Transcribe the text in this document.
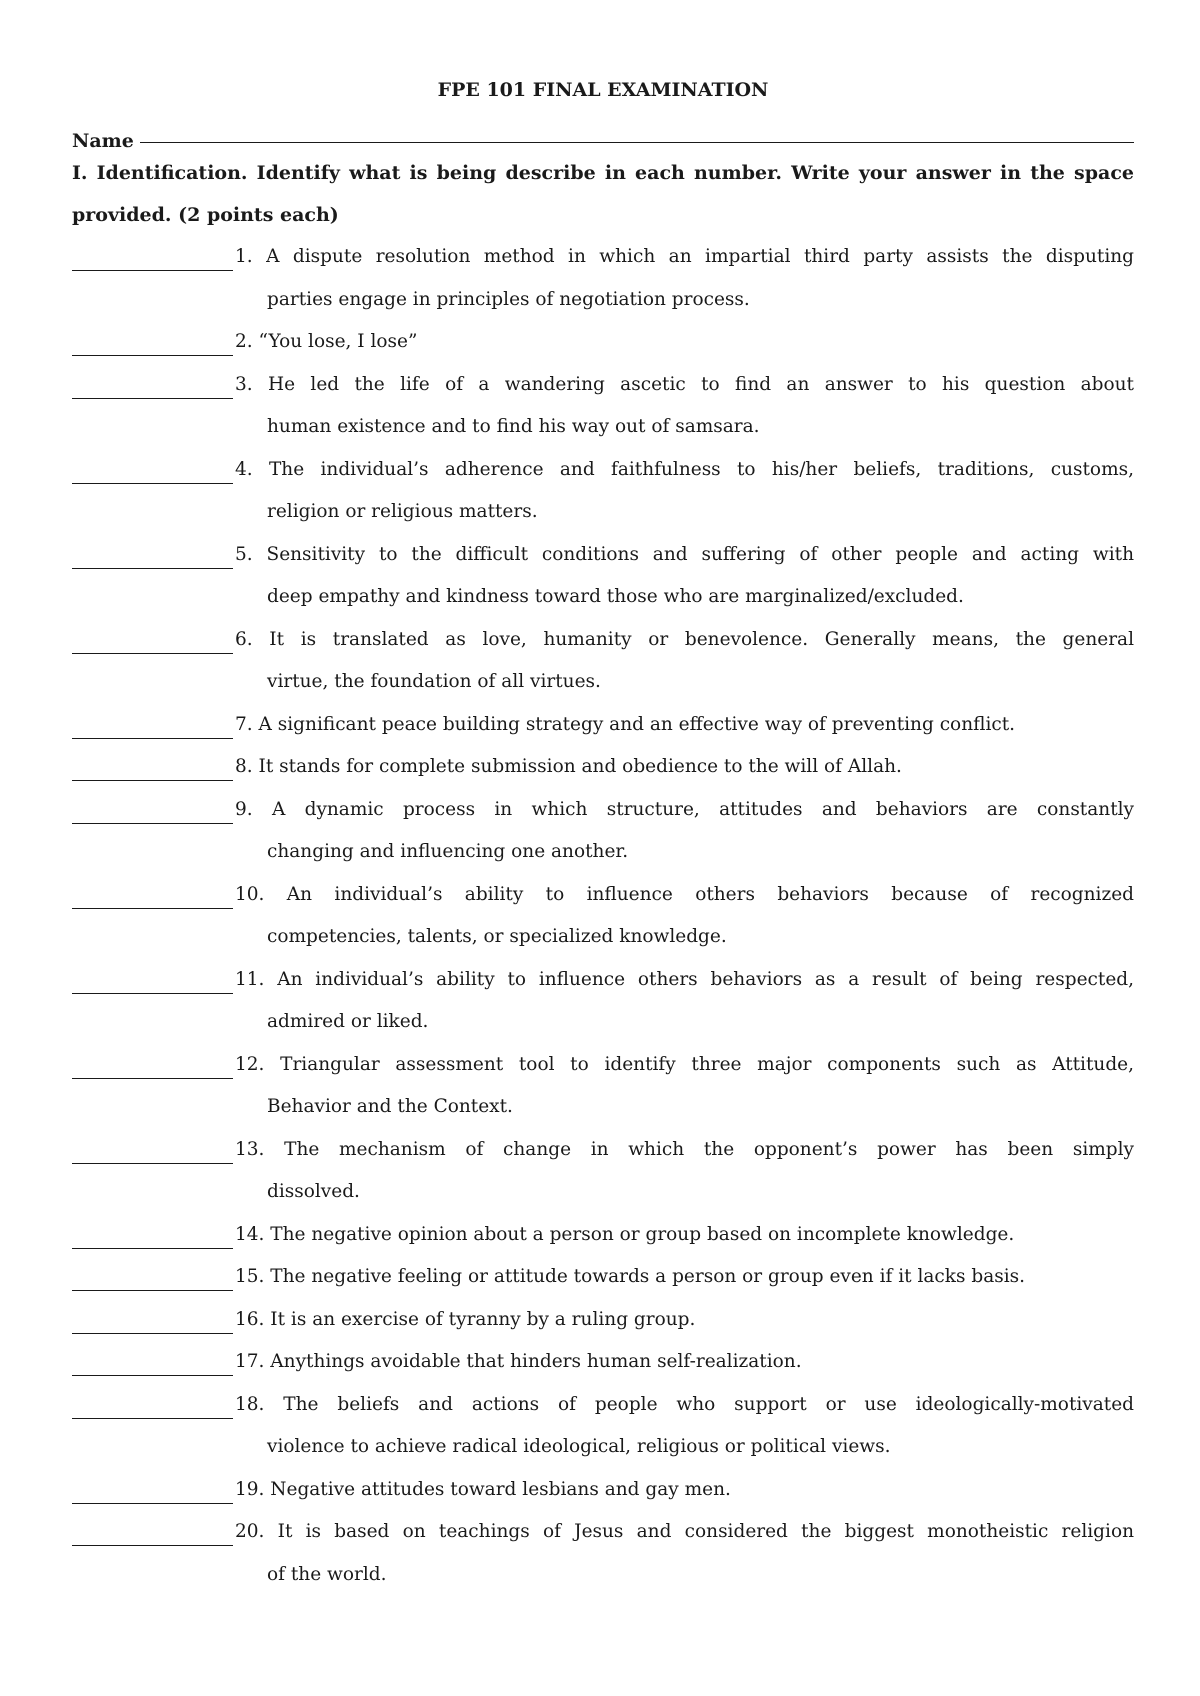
FPE 101 FINAL EXAMINATION
Name

I. Identification. Identify what is being describe in each number. Write your answer in the space provided. (2 points each)

1. A dispute resolution method in which an impartial third party assists the disputing
parties engage in principles of negotiation process.
2. “You lose, I lose”
3. He led the life of a wandering ascetic to find an answer to his question about
human existence and to find his way out of samsara.
4. The individual’s adherence and faithfulness to his/her beliefs, traditions, customs,
religion or religious matters.
5. Sensitivity to the difficult conditions and suffering of other people and acting with
deep empathy and kindness toward those who are marginalized/excluded.
6. It is translated as love, humanity or benevolence. Generally means, the general
virtue, the foundation of all virtues.
7. A significant peace building strategy and an effective way of preventing conflict.
8. It stands for complete submission and obedience to the will of Allah.
9. A dynamic process in which structure, attitudes and behaviors are constantly
changing and influencing one another.
10. An individual’s ability to influence others behaviors because of recognized
competencies, talents, or specialized knowledge.
11. An individual’s ability to influence others behaviors as a result of being respected,
admired or liked.
12. Triangular assessment tool to identify three major components such as Attitude,
Behavior and the Context.
13. The mechanism of change in which the opponent’s power has been simply
dissolved.
14. The negative opinion about a person or group based on incomplete knowledge.
15. The negative feeling or attitude towards a person or group even if it lacks basis.
16. It is an exercise of tyranny by a ruling group.
17. Anythings avoidable that hinders human self-realization.
18. The beliefs and actions of people who support or use ideologically-motivated
violence to achieve radical ideological, religious or political views.
19. Negative attitudes toward lesbians and gay men.
20. It is based on teachings of Jesus and considered the biggest monotheistic religion
of the world.
